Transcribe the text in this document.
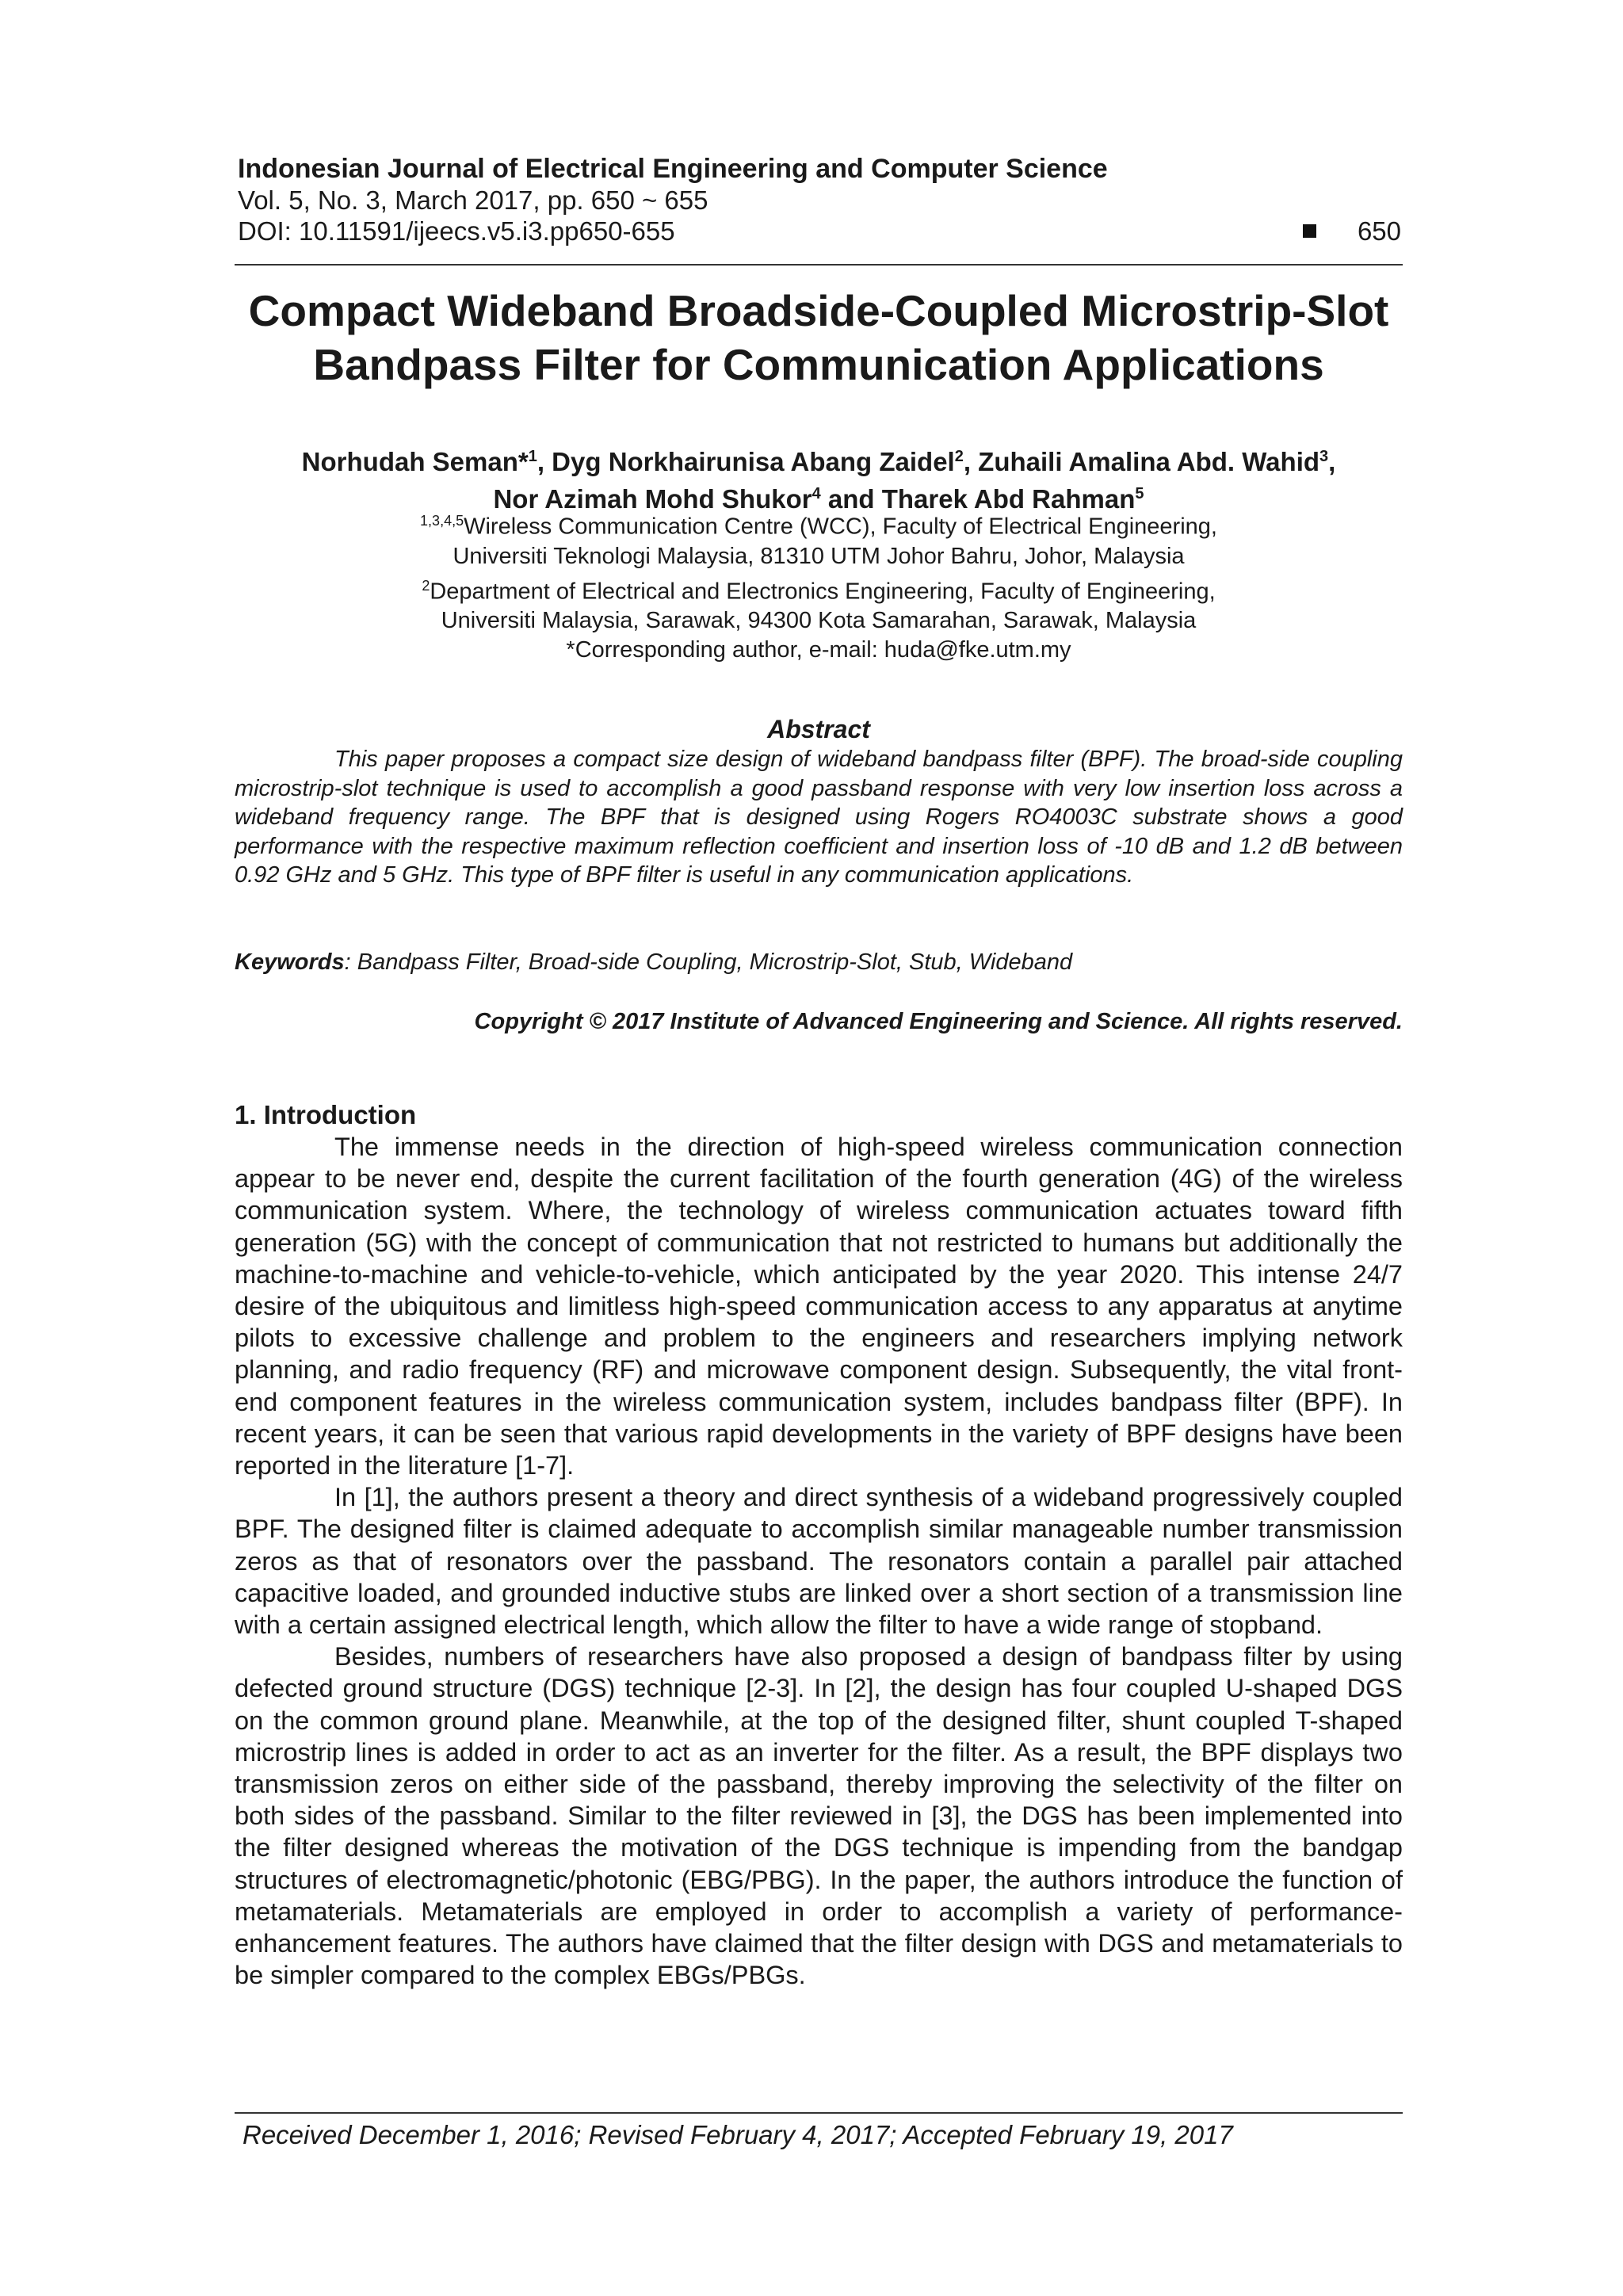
Indonesian Journal of Electrical Engineering and Computer Science
Vol. 5, No. 3, March 2017, pp. 650 ~ 655
DOI: 10.11591/ijeecs.v5.i3.pp650-655	650
Compact Wideband Broadside-Coupled Microstrip-Slot
Bandpass Filter for Communication Applications
Norhudah Seman*$^1$, Dyg Norkhairunisa Abang Zaidel$^2$, Zuhaili Amalina Abd. Wahid$^3$,
Nor Azimah Mohd Shukor$^4$ and Tharek Abd Rahman$^5$
$^{1,3,4,5}$Wireless Communication Centre (WCC), Faculty of Electrical Engineering,
Universiti Teknologi Malaysia, 81310 UTM Johor Bahru, Johor, Malaysia
$^2$Department of Electrical and Electronics Engineering, Faculty of Engineering,
Universiti Malaysia, Sarawak, 94300 Kota Samarahan, Sarawak, Malaysia
*Corresponding author, e-mail: huda@fke.utm.my
Abstract

This paper proposes a compact size design of wideband bandpass filter (BPF). The broad-side coupling microstrip-slot technique is used to accomplish a good passband response with very low insertion loss across a wideband frequency range. The BPF that is designed using Rogers RO4003C substrate shows a good performance with the respective maximum reflection coefficient and insertion loss of -10 dB and 1.2 dB between 0.92 GHz and 5 GHz. This type of BPF filter is useful in any communication applications.

Keywords: Bandpass Filter, Broad-side Coupling, Microstrip-Slot, Stub, Wideband
Copyright © 2017 Institute of Advanced Engineering and Science. All rights reserved.
1. Introduction

The immense needs in the direction of high-speed wireless communication connection appear to be never end, despite the current facilitation of the fourth generation (4G) of the wireless communication system. Where, the technology of wireless communication actuates toward fifth generation (5G) with the concept of communication that not restricted to humans but additionally the machine-to-machine and vehicle-to-vehicle, which anticipated by the year 2020. This intense 24/7 desire of the ubiquitous and limitless high-speed communication access to any apparatus at anytime pilots to excessive challenge and problem to the engineers and researchers implying network planning, and radio frequency (RF) and microwave component design. Subsequently, the vital front-end component features in the wireless communication system, includes bandpass filter (BPF). In recent years, it can be seen that various rapid developments in the variety of BPF designs have been reported in the literature [1-7].

In [1], the authors present a theory and direct synthesis of a wideband progressively coupled BPF. The designed filter is claimed adequate to accomplish similar manageable number transmission zeros as that of resonators over the passband. The resonators contain a parallel pair attached capacitive loaded, and grounded inductive stubs are linked over a short section of a transmission line with a certain assigned electrical length, which allow the filter to have a wide range of stopband.

Besides, numbers of researchers have also proposed a design of bandpass filter by using defected ground structure (DGS) technique [2-3]. In [2], the design has four coupled U-shaped DGS on the common ground plane. Meanwhile, at the top of the designed filter, shunt coupled T-shaped microstrip lines is added in order to act as an inverter for the filter. As a result, the BPF displays two transmission zeros on either side of the passband, thereby improving the selectivity of the filter on both sides of the passband. Similar to the filter reviewed in [3], the DGS has been implemented into the filter designed whereas the motivation of the DGS technique is impending from the bandgap structures of electromagnetic/photonic (EBG/PBG). In the paper, the authors introduce the function of metamaterials. Metamaterials are employed in order to accomplish a variety of performance-enhancement features. The authors have claimed that the filter design with DGS and metamaterials to be simpler compared to the complex EBGs/PBGs.

Received December 1, 2016; Revised February 4, 2017; Accepted February 19, 2017
